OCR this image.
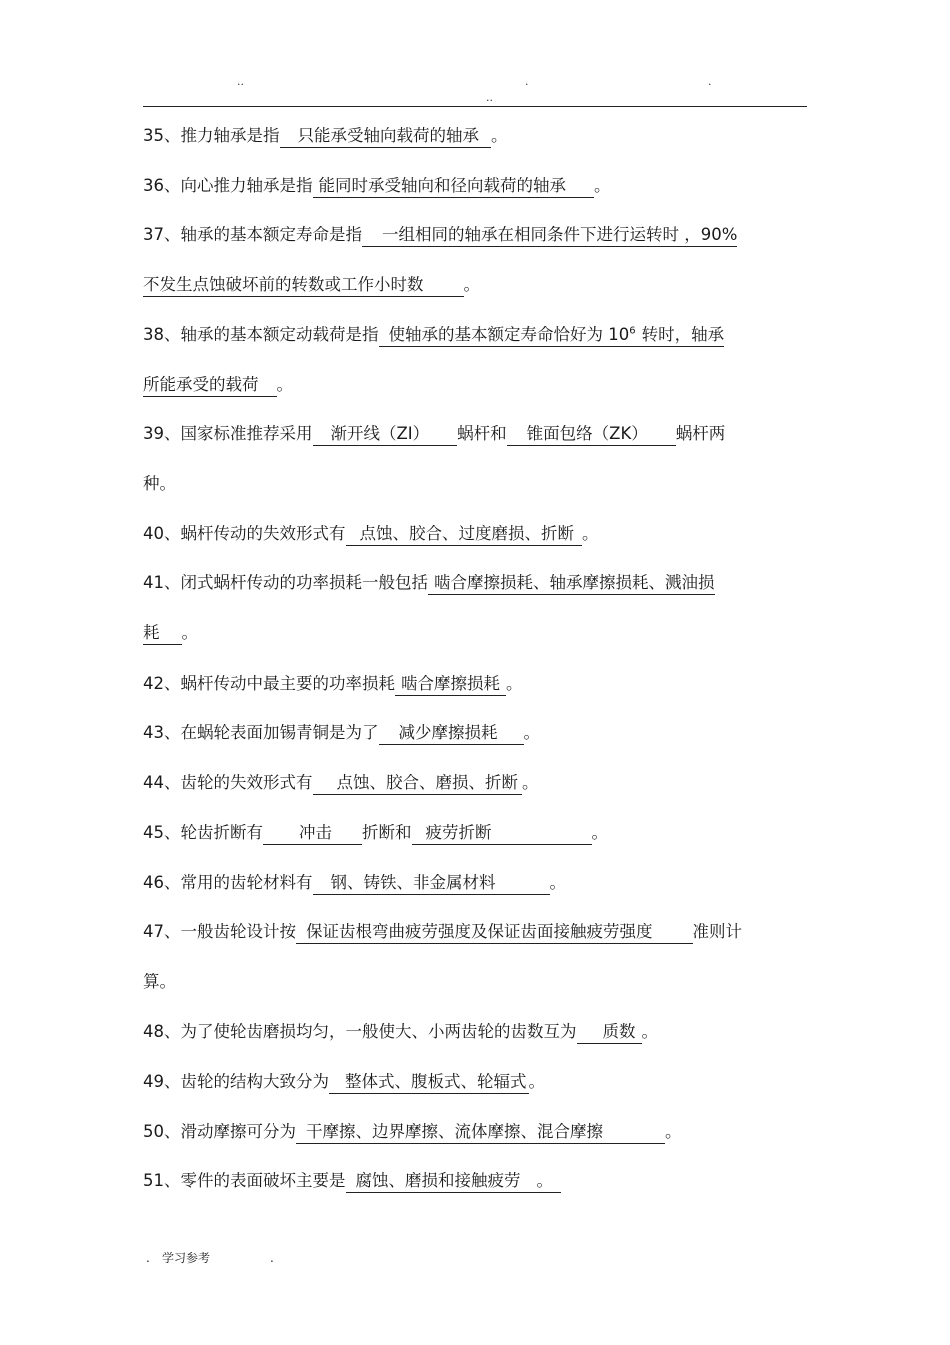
..	.	.
..
35、推力轴承是指只能承受轴向载荷的轴承 。
36、向心推力轴承是指能同时承受轴向和径向载荷的轴承 。
37、轴承的基本额定寿命是指一组相同的轴承在相同条件下进行运转时 ，90%
不发生点蚀破坏前的转数或工作小时数 。
38、轴承的基本额定动载荷是指使轴承的基本额定寿命恰好为 $10^6$ 转时，轴承
所能承受的载荷 。
39、国家标准推荐采用渐开线（ZI） 蜗杆和锥面包络（ZK） 蜗杆两
种。
40、蜗杆传动的失效形式有点蚀、胶合、过度磨损、折断 。
41、闭式蜗杆传动的功率损耗一般包括啮合摩擦损耗、轴承摩擦损耗、溅油损
耗 。
42、蜗杆传动中最主要的功率损耗啮合摩擦损耗 。
43、在蜗轮表面加锡青铜是为了减少摩擦损耗 。
44、齿轮的失效形式有点蚀、胶合、磨损、折断 。
45、轮齿折断有冲击 折断和疲劳折断	。
46、常用的齿轮材料有钢、铸铁、非金属材料	。
47、一般齿轮设计按保证齿根弯曲疲劳强度及保证齿面接触疲劳强度 准则计
算。
48、为了使轮齿磨损均匀，一般使大、小两齿轮的齿数互为质数 。
49、齿轮的结构大致分为整体式、腹板式、轮辐式 。
50、滑动摩擦可分为干摩擦、边界摩擦、流体摩擦、混合摩擦	。
51、零件的表面破坏主要是腐蚀、磨损和接触疲劳 。
. 学习参考	.
